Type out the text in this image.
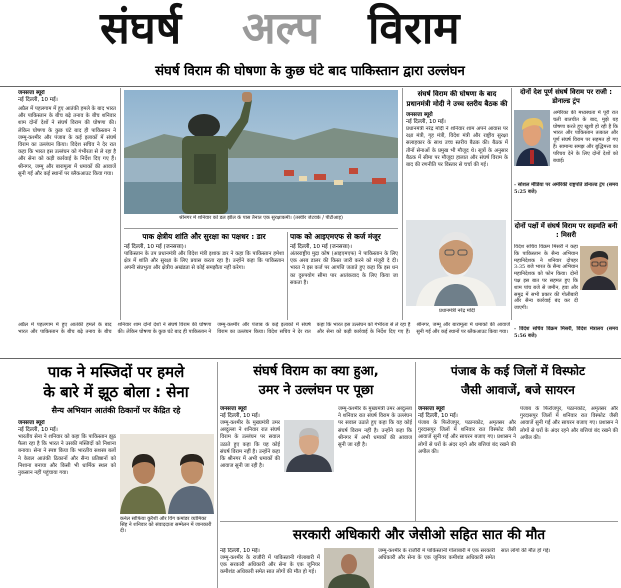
संघर्ष अल्प विराम
संघर्ष विराम की घोषणा के कुछ घंटे बाद पाकिस्तान द्वारा उल्लंघन
जनसत्ता ब्यूरो
नई दिल्ली, 10 मई।
अप्रैल में पहलगाम में हुए आतंकी हमले के बाद भारत और पाकिस्तान के बीच बढ़े तनाव के बीच शनिवार शाम दोनों देशों ने संघर्ष विराम की घोषणा की। लेकिन घोषणा के कुछ घंटे बाद ही पाकिस्तान ने जम्मू-कश्मीर और पंजाब के कई इलाकों में संघर्ष विराम का उल्लंघन किया। विदेश सचिव ने देर रात कहा कि भारत इस उल्लंघन को गंभीरता से ले रहा है और सेना को कड़ी कार्रवाई के निर्देश दिए गए हैं। श्रीनगर, जम्मू और बारामूला में धमाकों की आवाजें सुनी गईं और कई स्थानों पर ब्लैकआउट किया गया।
श्रीनगर में शनिवार को डल झील के पास तैनात एक सुरक्षाकर्मी। (तस्वीर जेटवर्क / पीटीआइ)
पाक क्षेत्रीय शांति और सुरक्षा का पक्षधर : डार
नई दिल्ली, 10 मई (जनसत्ता)।
पाकिस्तान के उप प्रधानमंत्री और विदेश मंत्री इशाक डार ने कहा कि पाकिस्तान हमेशा क्षेत्र में शांति और सुरक्षा के लिए प्रयास करता रहा है। उन्होंने कहा कि पाकिस्तान अपनी संप्रभुता और क्षेत्रीय अखंडता से कोई समझौता नहीं करेगा।
पाक को आइएमएफ से कर्ज मंजूर
नई दिल्ली, 10 मई (जनसत्ता)।
अंतरराष्ट्रीय मुद्रा कोष (आइएमएफ) ने पाकिस्तान के लिए एक अरब डालर की किस्त जारी करने को मंजूरी दे दी। भारत ने इस कर्ज पर आपत्ति जताते हुए कहा कि इस धन का दुरुपयोग सीमा पार आतंकवाद के लिए किया जा सकता है।
संघर्ष विराम की घोषणा के बाद प्रधानमंत्री मोदी ने उच्च स्तरीय बैठक की
जनसत्ता ब्यूरो
नई दिल्ली, 10 मई।
प्रधानमंत्री नरेंद्र मोदी ने शनिवार शाम अपने आवास पर रक्षा मंत्री, गृह मंत्री, विदेश मंत्री और राष्ट्रीय सुरक्षा सलाहकार के साथ उच्च स्तरीय बैठक की। बैठक में तीनों सेनाओं के प्रमुख भी मौजूद थे। सूत्रों के अनुसार बैठक में सीमा पर मौजूदा हालात और संघर्ष विराम के बाद की रणनीति पर विस्तार से चर्चा की गई।
प्रधानमंत्री नरेंद्र मोदी
दोनों देश पूर्ण संघर्ष विराम पर राजी : डोनाल्ड ट्रंप
अमेरिका की मध्यस्थता में पूरी रात चली बातचीत के बाद, मुझे यह घोषणा करते हुए खुशी हो रही है कि भारत और पाकिस्तान तत्काल और पूर्ण संघर्ष विराम पर सहमत हो गए हैं। सामान्य समझ और बुद्धिमत्ता का परिचय देने के लिए दोनों देशों को बधाई।
- सोशल मीडिया पर अमेरिकी राष्ट्रपति डोनाल्ड ट्रंप (समय 5:25 बजे)
दोनों पक्षों में संघर्ष विराम पर सहमति बनी : मिसरी
विदेश सचिव विक्रम मिसरी ने कहा कि पाकिस्तान के सैन्य अभियान महानिदेशक ने शनिवार दोपहर 3:35 बजे भारत के सैन्य अभियान महानिदेशक को फोन किया। दोनों पक्ष इस बात पर सहमत हुए कि शाम पांच बजे से जमीन, हवा और समुद्र में सभी प्रकार की गोलीबारी और सैन्य कार्रवाई बंद कर दी जाएगी।
- विदेश सचिव विक्रम मिसरी, विदेश मंत्रालय (समय 5:56 बजे)
अप्रैल में पहलगाम में हुए आतंकी हमले के बाद भारत और पाकिस्तान के बीच बढ़े तनाव के बीच शनिवार शाम दोनों देशों ने संघर्ष विराम की घोषणा की। लेकिन घोषणा के कुछ घंटे बाद ही पाकिस्तान ने जम्मू-कश्मीर और पंजाब के कई इलाकों में संघर्ष विराम का उल्लंघन किया। विदेश सचिव ने देर रात कहा कि भारत इस उल्लंघन को गंभीरता से ले रहा है और सेना को कड़ी कार्रवाई के निर्देश दिए गए हैं। श्रीनगर, जम्मू और बारामूला में धमाकों की आवाजें सुनी गईं और कई स्थानों पर ब्लैकआउट किया गया।
पाक ने मस्जिदों पर हमले
के बारे में झूठ बोला : सेना
सैन्य अभियान आतंकी ठिकानों पर केंद्रित रहे
जनसत्ता ब्यूरो
नई दिल्ली, 10 मई।
भारतीय सेना ने शनिवार को कहा कि पाकिस्तान झूठ फैला रहा है कि भारत ने उसकी मस्जिदों को निशाना बनाया। सेना ने स्पष्ट किया कि भारतीय सशस्त्र बलों ने केवल आतंकी ठिकानों और सैन्य प्रतिष्ठानों को निशाना बनाया और किसी भी धार्मिक स्थल को नुकसान नहीं पहुंचाया गया।
कर्नल सोफिया कुरैशी और विंग कमांडर व्योमिका सिंह ने शनिवार को संवाददाता सम्मेलन में जानकारी दी।
संघर्ष विराम का क्या हुआ,
उमर ने उल्लंघन पर पूछा
जनसत्ता ब्यूरो
नई दिल्ली, 10 मई।
जम्मू-कश्मीर के मुख्यमंत्री उमर अब्दुल्ला ने शनिवार रात संघर्ष विराम के उल्लंघन पर सवाल उठाते हुए कहा कि यह कोई संघर्ष विराम नहीं है। उन्होंने कहा कि श्रीनगर में अभी धमाकों की आवाज सुनी जा रही है।
जम्मू-कश्मीर के मुख्यमंत्री उमर अब्दुल्ला ने शनिवार रात संघर्ष विराम के उल्लंघन पर सवाल उठाते हुए कहा कि यह कोई संघर्ष विराम नहीं है। उन्होंने कहा कि श्रीनगर में अभी धमाकों की आवाज सुनी जा रही है।
पंजाब के कई जिलों में विस्फोट
जैसी आवाजें, बजे सायरन
जनसत्ता ब्यूरो
नई दिल्ली, 10 मई।
पंजाब के फिरोजपुर, पठानकोट, अमृतसर और गुरदासपुर जिलों में शनिवार रात विस्फोट जैसी आवाजें सुनी गईं और सायरन बजाए गए। प्रशासन ने लोगों से घरों के अंदर रहने और बत्तियां बंद रखने की अपील की।
पंजाब के फिरोजपुर, पठानकोट, अमृतसर और गुरदासपुर जिलों में शनिवार रात विस्फोट जैसी आवाजें सुनी गईं और सायरन बजाए गए। प्रशासन ने लोगों से घरों के अंदर रहने और बत्तियां बंद रखने की अपील की।
सरकारी अधिकारी और जेसीओ सहित सात की मौत
नई दिल्ली, 10 मई।
जम्मू-कश्मीर के राजौरी में पाकिस्तानी गोलाबारी में एक सरकारी अधिकारी और सेना के एक जूनियर कमीशंड अधिकारी समेत सात लोगों की मौत हो गई।
जम्मू-कश्मीर के राजौरी में पाकिस्तानी गोलाबारी में एक सरकारी अधिकारी और सेना के एक जूनियर कमीशंड अधिकारी समेत सात लोगों की मौत हो गई।
